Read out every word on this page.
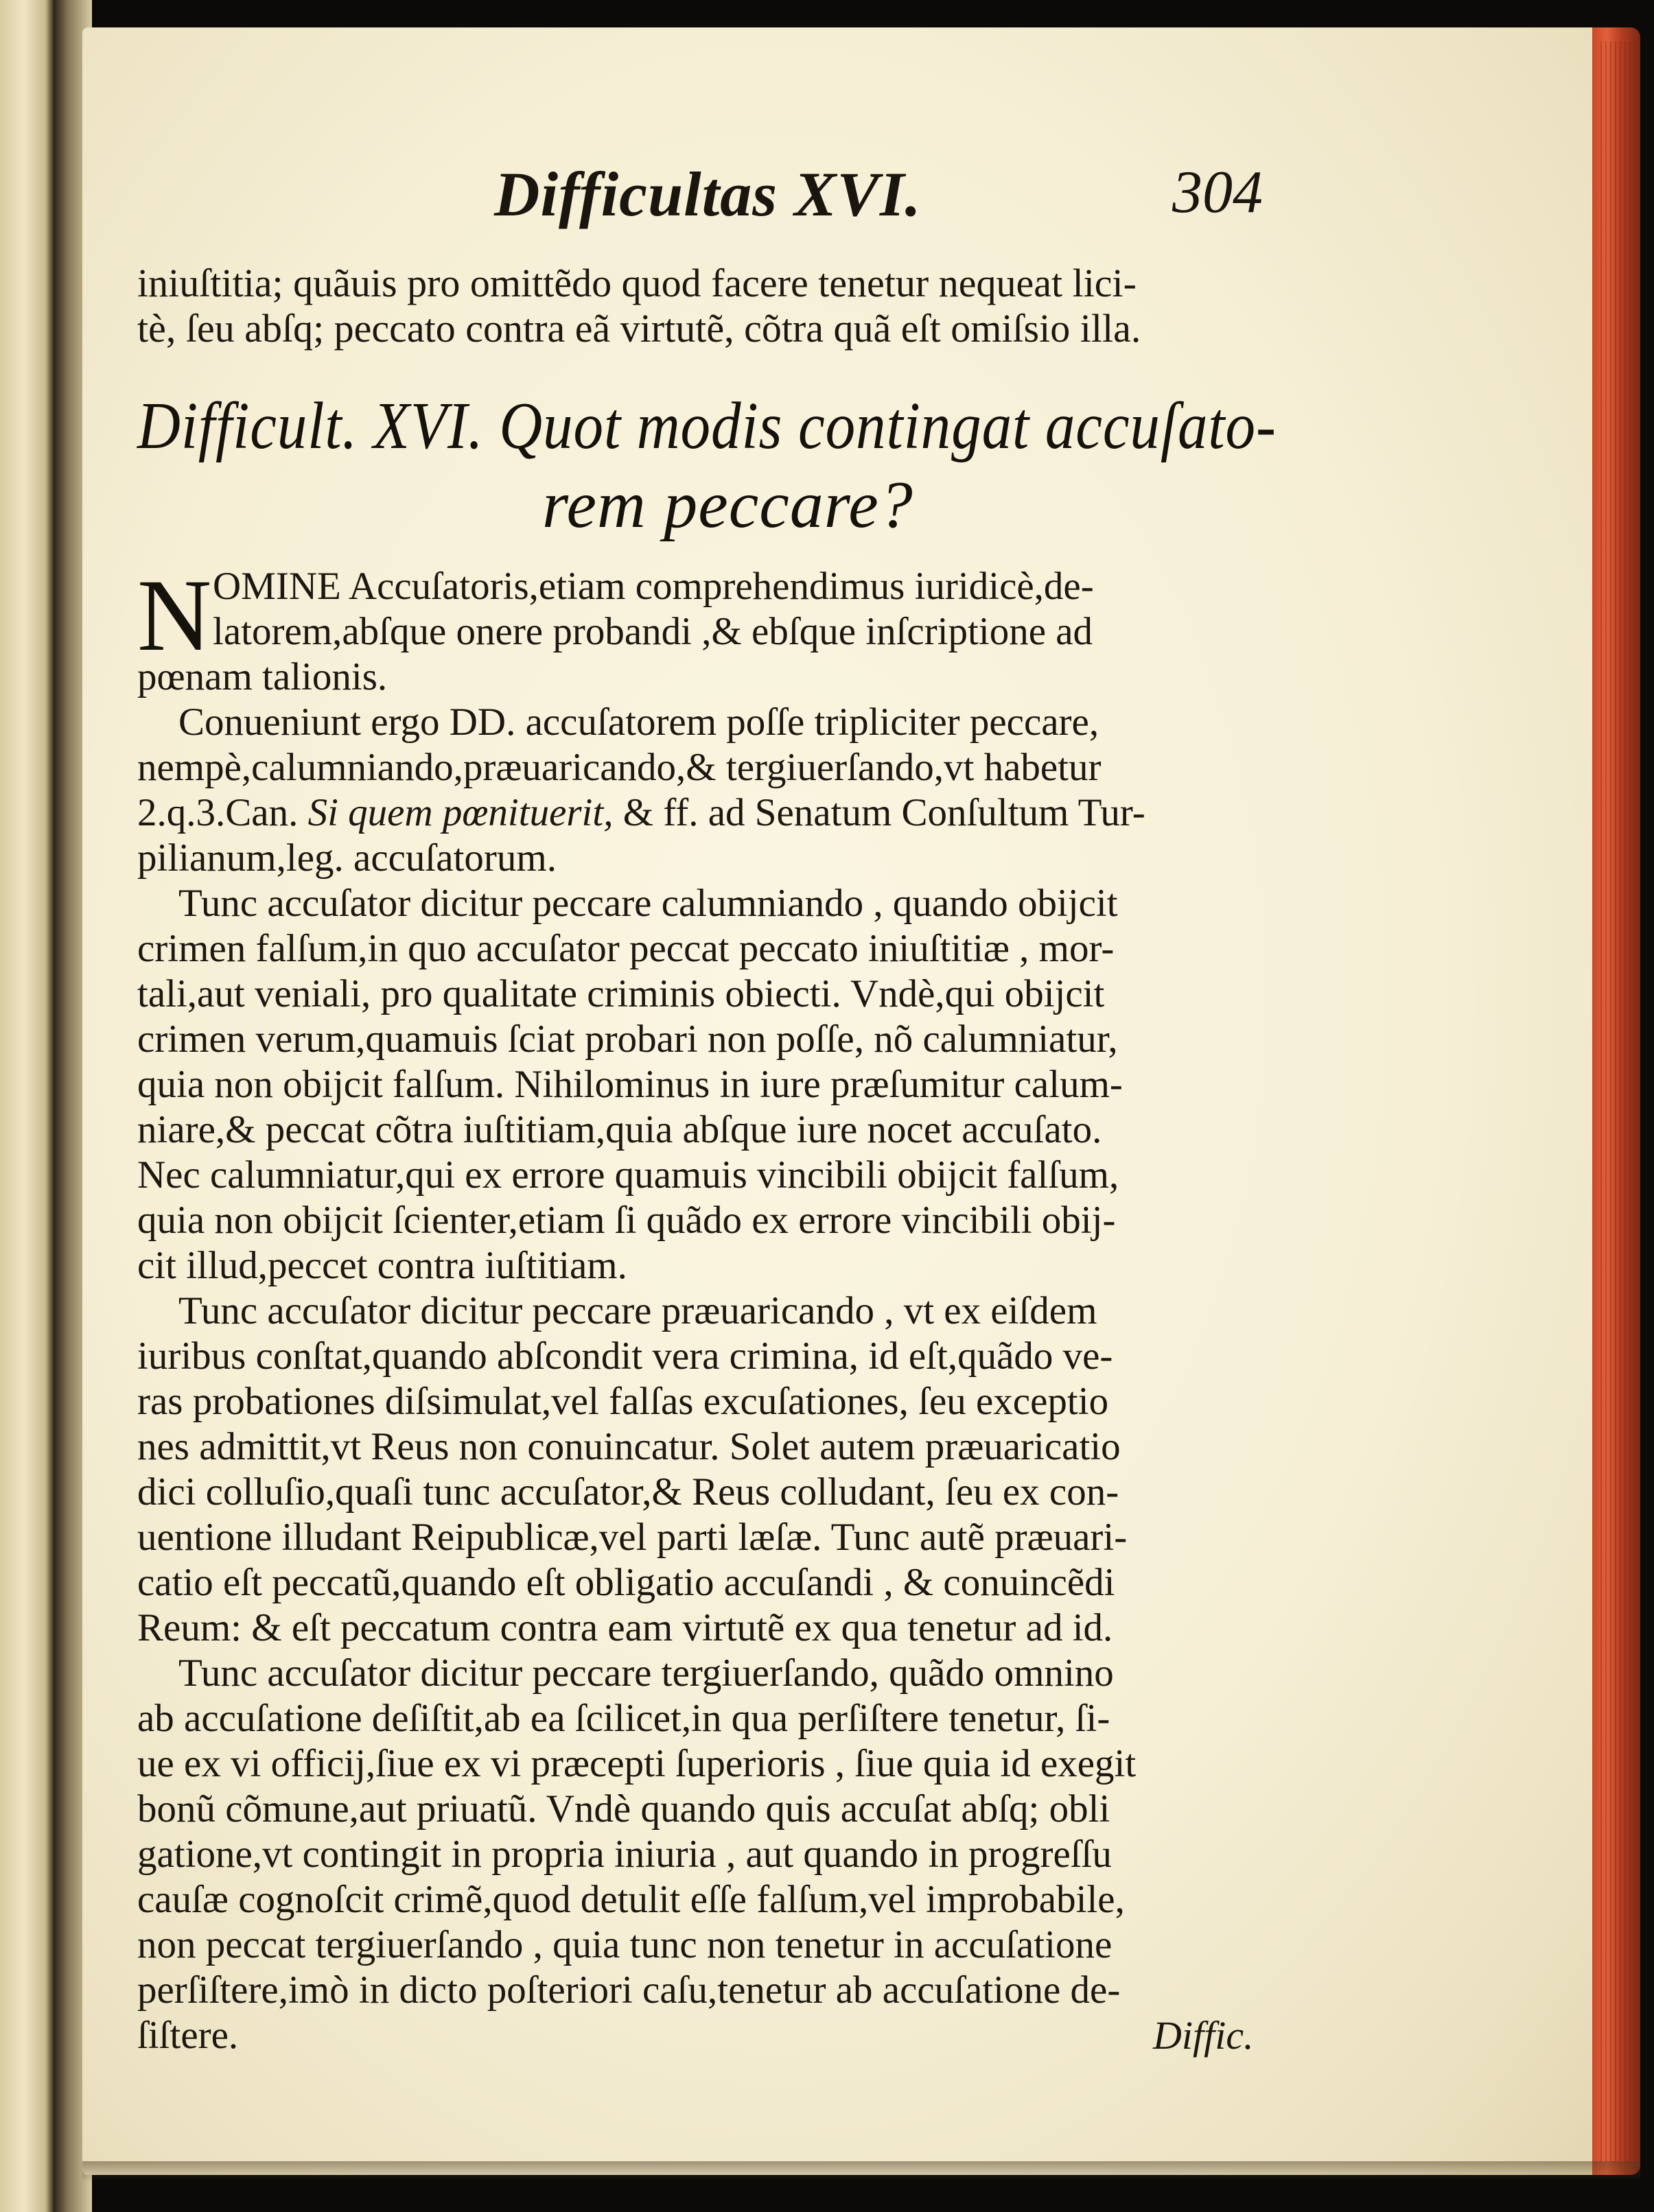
Difficultas XVI.	304
iniuſtitia; quãuis pro omittẽdo quod facere tenetur nequeat lici-
tè, ſeu abſq; peccato contra eã virtutẽ, cõtra quã eſt omiſsio illa.
Difficult. XVI. Quot modis contingat accuſato-
rem peccare?
N OMINE Accuſatoris,etiam comprehendimus iuridicè,de-
latorem,abſque onere probandi ,& ebſque inſcriptione ad
pœnam talionis.
Conueniunt ergo DD. accuſatorem poſſe tripliciter peccare,
nempè,calumniando,præuaricando,& tergiuerſando,vt habetur
2.q.3.Can. Si quem pœnituerit, & ff. ad Senatum Conſultum Tur-
pilianum,leg. accuſatorum.
Tunc accuſator dicitur peccare calumniando , quando obijcit
crimen falſum,in quo accuſator peccat peccato iniuſtitiæ , mor-
tali,aut veniali, pro qualitate criminis obiecti. Vndè,qui obijcit
crimen verum,quamuis ſciat probari non poſſe, nõ calumniatur,
quia non obijcit falſum. Nihilominus in iure præſumitur calum-
niare,& peccat cõtra iuſtitiam,quia abſque iure nocet accuſato.
Nec calumniatur,qui ex errore quamuis vincibili obijcit falſum,
quia non obijcit ſcienter,etiam ſi quãdo ex errore vincibili obij-
cit illud,peccet contra iuſtitiam.
Tunc accuſator dicitur peccare præuaricando , vt ex eiſdem
iuribus conſtat,quando abſcondit vera crimina, id eſt,quãdo ve-
ras probationes diſsimulat,vel falſas excuſationes, ſeu exceptio
nes admittit,vt Reus non conuincatur. Solet autem præuaricatio
dici colluſio,quaſi tunc accuſator,& Reus colludant, ſeu ex con-
uentione illudant Reipublicæ,vel parti læſæ. Tunc autẽ præuari-
catio eſt peccatũ,quando eſt obligatio accuſandi , & conuincẽdi
Reum: & eſt peccatum contra eam virtutẽ ex qua tenetur ad id.
Tunc accuſator dicitur peccare tergiuerſando, quãdo omnino
ab accuſatione deſiſtit,ab ea ſcilicet,in qua perſiſtere tenetur, ſi-
ue ex vi officij,ſiue ex vi præcepti ſuperioris , ſiue quia id exegit
bonũ cõmune,aut priuatũ. Vndè quando quis accuſat abſq; obli
gatione,vt contingit in propria iniuria , aut quando in progreſſu
cauſæ cognoſcit crimẽ,quod detulit eſſe falſum,vel improbabile,
non peccat tergiuerſando , quia tunc non tenetur in accuſatione
perſiſtere,imò in dicto poſteriori caſu,tenetur ab accuſatione de-
ſiſtere.	Diffic.
